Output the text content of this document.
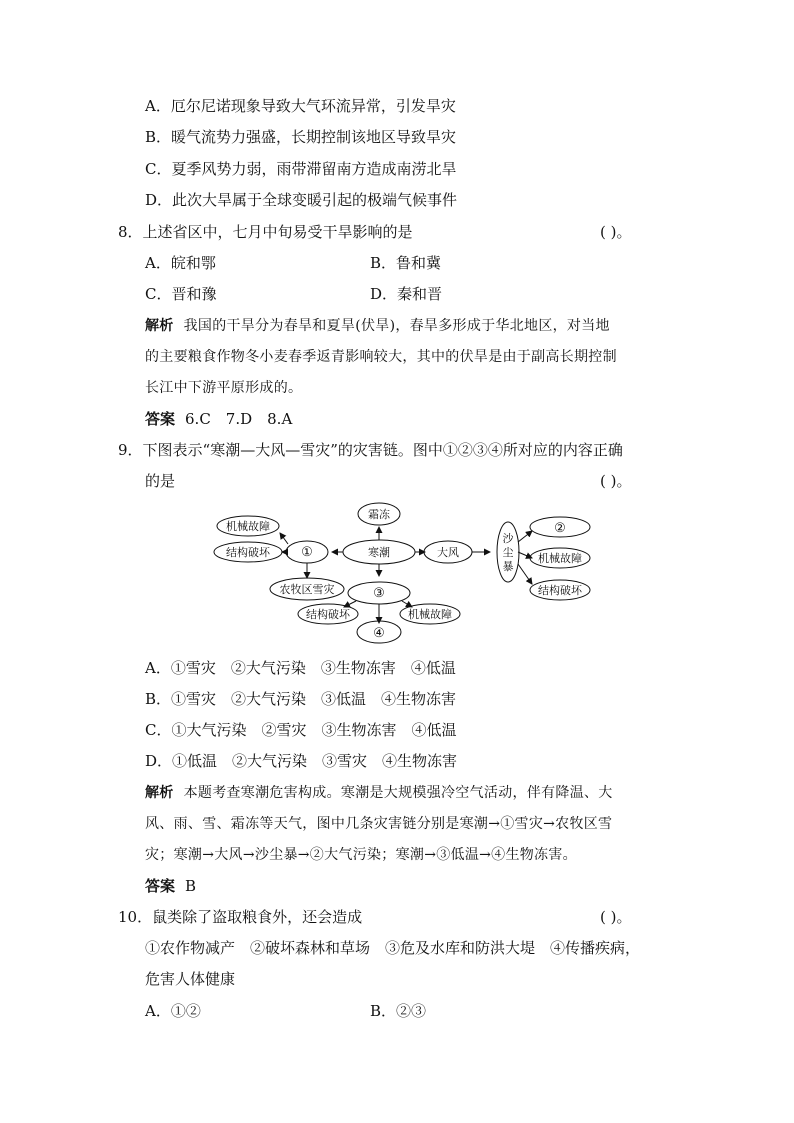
A．厄尔尼诺现象导致大气环流异常，引发旱灾
B．暖气流势力强盛，长期控制该地区导致旱灾
C．夏季风势力弱，雨带滞留南方造成南涝北旱
D．此次大旱属于全球变暖引起的极端气候事件
8．上述省区中，七月中旬易受干旱影响的是	( )。
A．皖和鄂	B．鲁和冀
C．晋和豫	D．秦和晋
解析 我国的干旱分为春旱和夏旱(伏旱)，春旱多形成于华北地区，对当地
的主要粮食作物冬小麦春季返青影响较大，其中的伏旱是由于副高长期控制
长江中下游平原形成的。
答案 6.C　7.D　8.A
9．下图表示“寒潮—大风—雪灾”的灾害链。图中①②③④所对应的内容正确
的是	( )。
霜冻
寒潮	大风
①
机械故障
结构破坏
农牧区雪灾	③
结构破坏	机械故障
④
沙
尘
暴
②
机械故障
结构破坏
A．①雪灾　②大气污染　③生物冻害　④低温
B．①雪灾　②大气污染　③低温　④生物冻害
C．①大气污染　②雪灾　③生物冻害　④低温
D．①低温　②大气污染　③雪灾　④生物冻害
解析 本题考查寒潮危害构成。寒潮是大规模强冷空气活动，伴有降温、大
风、雨、雪、霜冻等天气，图中几条灾害链分别是寒潮→①雪灾→农牧区雪
灾；寒潮→大风→沙尘暴→②大气污染；寒潮→③低温→④生物冻害。
答案 B
10．鼠类除了盗取粮食外，还会造成	( )。
①农作物减产　②破坏森林和草场　③危及水库和防洪大堤　④传播疾病，
危害人体健康
A．①②	B．②③
